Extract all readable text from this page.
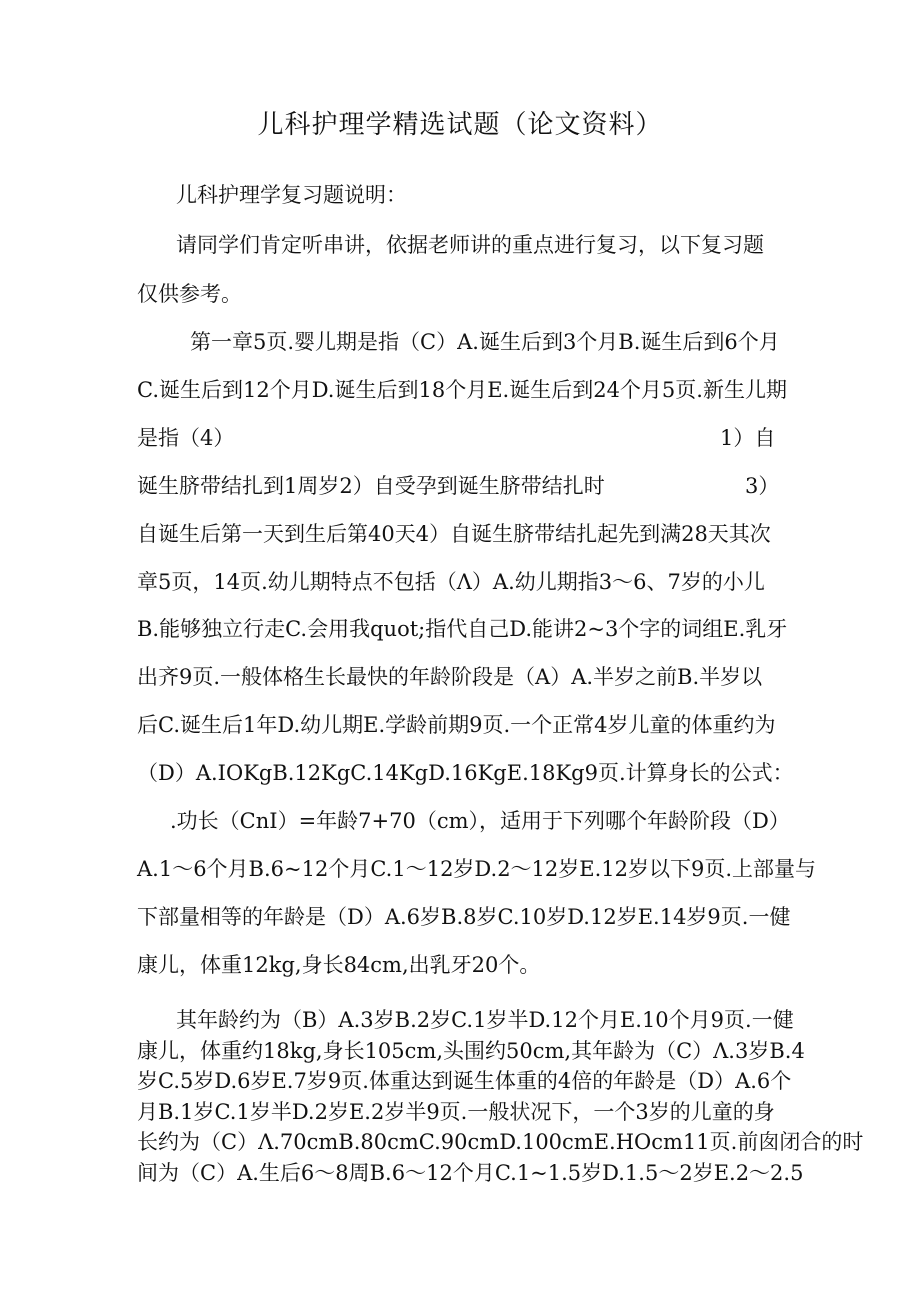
儿科护理学精选试题（论文资料）
儿科护理学复习题说明：
请同学们肯定听串讲，依据老师讲的重点进行复习，以下复习题
仅供参考。
第一章5页.婴儿期是指（C）A.诞生后到3个月B.诞生后到6个月
C.诞生后到12个月D.诞生后到18个月E.诞生后到24个月5页.新生儿期
是指（4）	1）自
诞生脐带结扎到1周岁2）自受孕到诞生脐带结扎时	3）
自诞生后第一天到生后第40天4）自诞生脐带结扎起先到满28天其次
章5页，14页.幼儿期特点不包括（Λ）A.幼儿期指3～6、7岁的小儿
B.能够独立行走C.会用我quot;指代自己D.能讲2~3个字的词组E.乳牙
出齐9页.一般体格生长最快的年龄阶段是（A）A.半岁之前B.半岁以
后C.诞生后1年D.幼儿期E.学龄前期9页.一个正常4岁儿童的体重约为
（D）A.IOKgB.12KgC.14KgD.16KgE.18Kg9页.计算身长的公式：
.功长（CnI）=年龄7+70（cm），适用于下列哪个年龄阶段（D）
A.1～6个月B.6~12个月C.1～12岁D.2～12岁E.12岁以下9页.上部量与
下部量相等的年龄是（D）A.6岁B.8岁C.10岁D.12岁E.14岁9页.一健
康儿，体重12kg,身长84cm,出乳牙20个。
其年龄约为（B）A.3岁B.2岁C.1岁半D.12个月E.10个月9页.一健
康儿，体重约18kg,身长105cm,头围约50cm,其年龄为（C）Λ.3岁B.4
岁C.5岁D.6岁E.7岁9页.体重达到诞生体重的4倍的年龄是（D）A.6个
月B.1岁C.1岁半D.2岁E.2岁半9页.一般状况下，一个3岁的儿童的身
长约为（C）Λ.70cmB.80cmC.90cmD.100cmE.HOcm11页.前囱闭合的时
间为（C）A.生后6～8周B.6～12个月C.1~1.5岁D.1.5～2岁E.2～2.5
